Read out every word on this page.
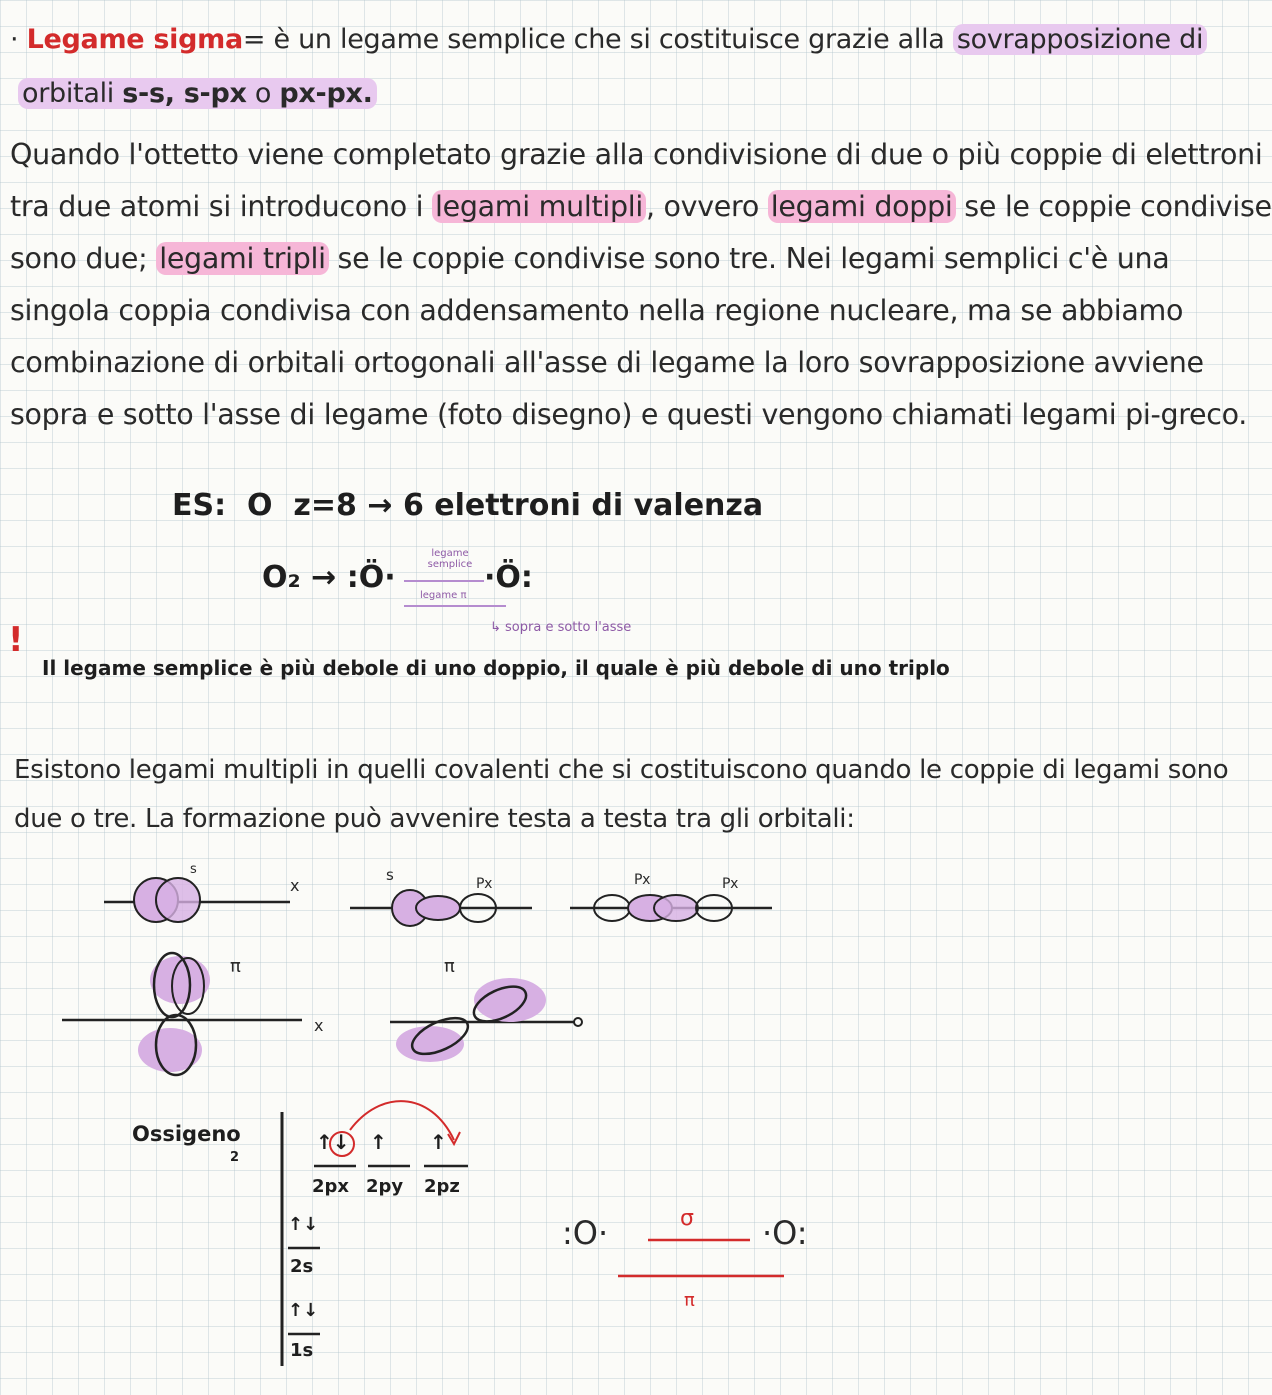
· Legame sigma= è un legame semplice che si costituisce grazie alla sovrapposizione di
orbitali s-s, s-px o px-px.
Quando l'ottetto viene completato grazie alla condivisione di due o più coppie di elettroni
tra due atomi si introducono i legami multipli , ovvero legami doppi se le coppie condivise
sono due; legami tripli se le coppie condivise sono tre. Nei legami semplici c'è una
singola coppia condivisa con addensamento nella regione nucleare, ma se abbiamo
combinazione di orbitali ortogonali all'asse di legame la loro sovrapposizione avviene
sopra e sotto l'asse di legame (foto disegno) e questi vengono chiamati legami pi-greco.
ES: O z=8 → 6 elettroni di valenza
O₂ → :Ö·	·Ö:
legame semplice
legame π
↳ sopra e sotto l'asse
!
Il legame semplice è più debole di uno doppio, il quale è più debole di uno triplo
Esistono legami multipli in quelli covalenti che si costituiscono quando le coppie di legami sono
due o tre. La formazione può avvenire testa a testa tra gli orbitali:
s
x
s	Px	Px	Px
π
x
π
Ossigeno
2
↑↓ ↑ ↑
2px 2py 2pz
↑↓
2s
↑↓
1s
:O·	·O:
σ
π
